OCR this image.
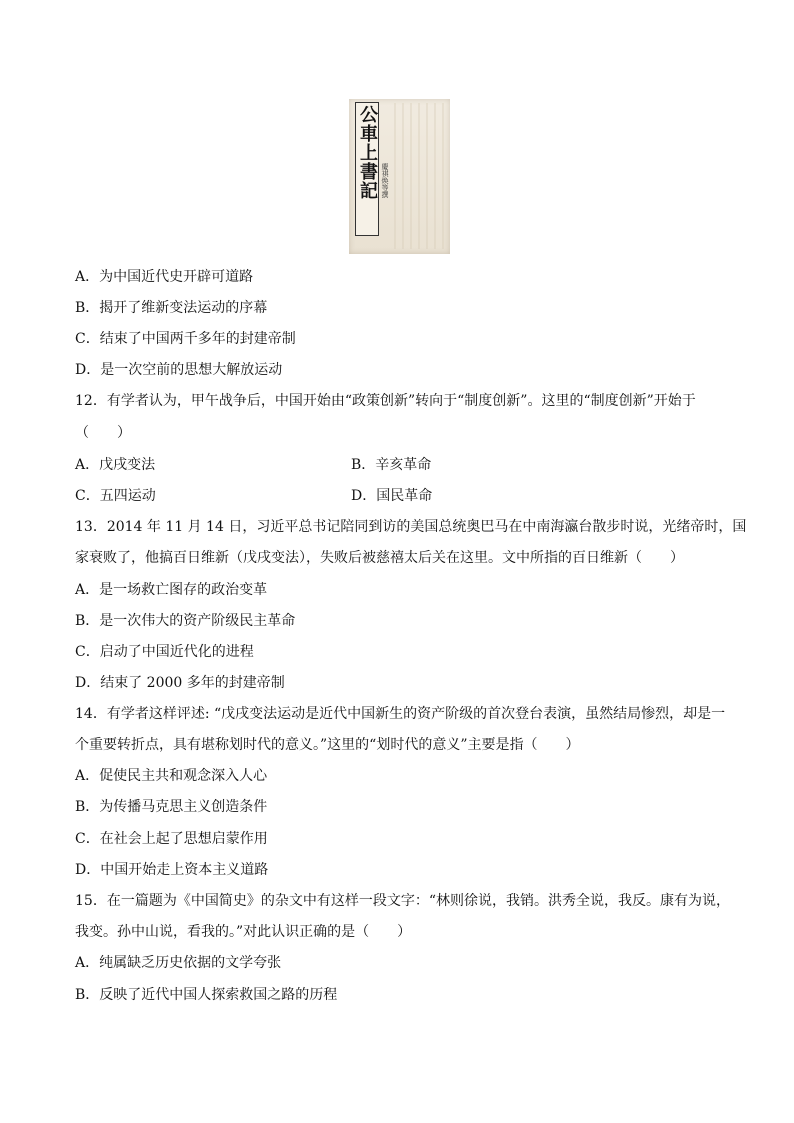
公車上書記 慶祺焕等撰
A．为中国近代史开辟可道路
B．揭开了维新变法运动的序幕
C．结束了中国两千多年的封建帝制
D．是一次空前的思想大解放运动
12．有学者认为，甲午战争后，中国开始由“政策创新”转向于“制度创新”。这里的“制度创新”开始于
（　　）
A．戊戌变法	B．辛亥革命
C．五四运动	D．国民革命
13．2014 年 11 月 14 日，习近平总书记陪同到访的美国总统奥巴马在中南海瀛台散步时说，光绪帝时，国
家衰败了，他搞百日维新（戊戌变法），失败后被慈禧太后关在这里。文中所指的百日维新（　　）
A．是一场救亡图存的政治变革
B．是一次伟大的资产阶级民主革命
C．启动了中国近代化的进程
D．结束了 2000 多年的封建帝制
14．有学者这样评述: “戊戌变法运动是近代中国新生的资产阶级的首次登台表演，虽然结局惨烈，却是一
个重要转折点，具有堪称划时代的意义。”这里的“划时代的意义”主要是指（　　）
A．促使民主共和观念深入人心
B．为传播马克思主义创造条件
C．在社会上起了思想启蒙作用
D．中国开始走上资本主义道路
15．在一篇题为《中国简史》的杂文中有这样一段文字：“林则徐说，我销。洪秀全说，我反。康有为说，
我变。孙中山说，看我的。”对此认识正确的是（　　）
A．纯属缺乏历史依据的文学夸张
B．反映了近代中国人探索救国之路的历程
